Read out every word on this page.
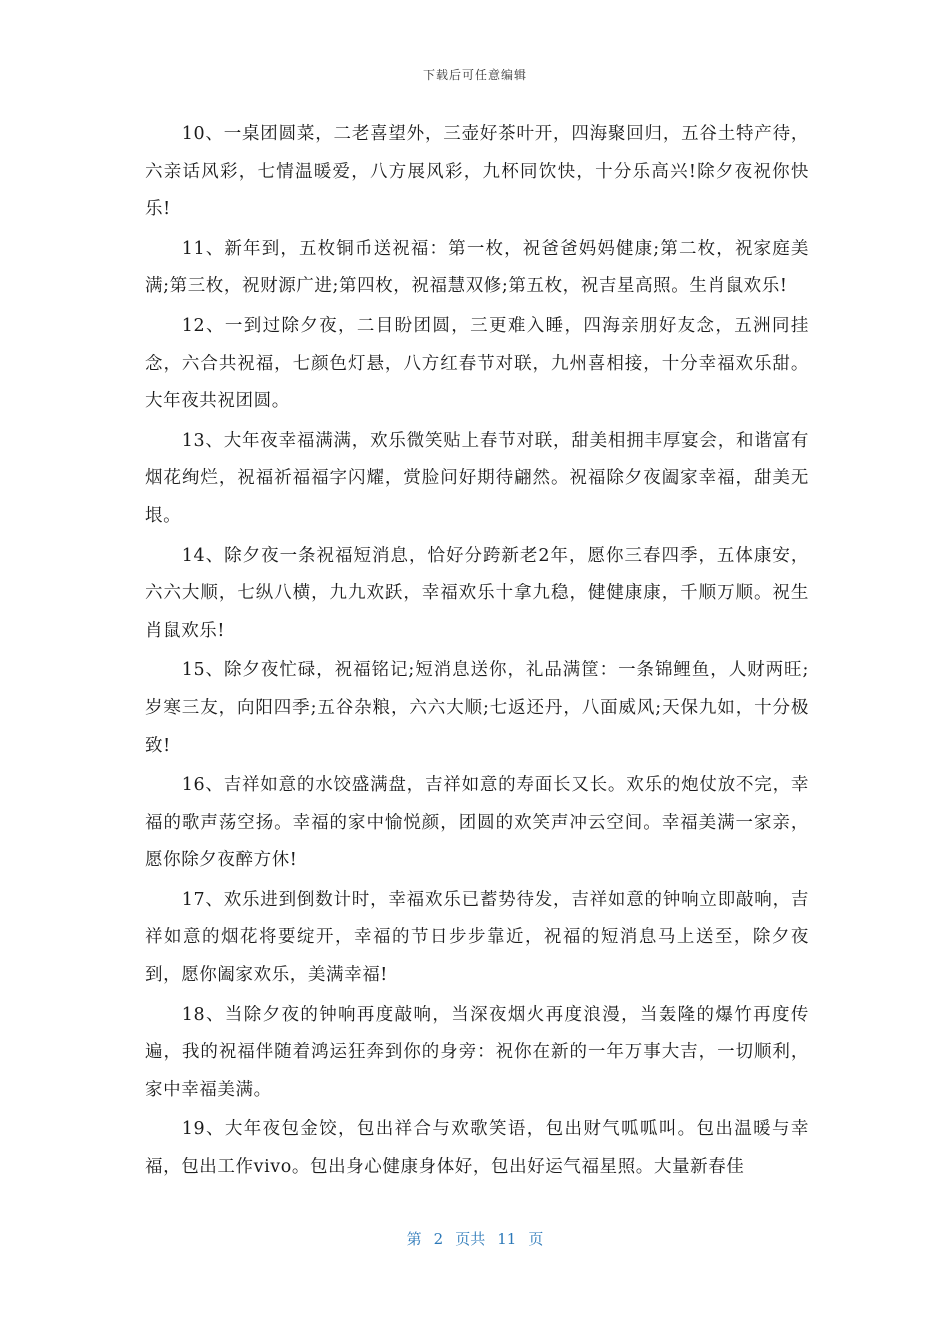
下载后可任意编辑

10、一桌团圆菜，二老喜望外，三壶好茶叶开，四海聚回归，五谷土特产待，六亲话风彩，七情温暖爱，八方展风彩，九杯同饮快，十分乐高兴!除夕夜祝你快乐!

11、新年到，五枚铜币送祝福：第一枚，祝爸爸妈妈健康;第二枚，祝家庭美满;第三枚，祝财源广进;第四枚，祝福慧双修;第五枚，祝吉星高照。生肖鼠欢乐!

12、一到过除夕夜，二目盼团圆，三更难入睡，四海亲朋好友念，五洲同挂念，六合共祝福，七颜色灯悬，八方红春节对联，九州喜相接，十分幸福欢乐甜。大年夜共祝团圆。

13、大年夜幸福满满，欢乐微笑贴上春节对联，甜美相拥丰厚宴会，和谐富有烟花绚烂，祝福祈福福字闪耀，赏脸问好期待翩然。祝福除夕夜阖家幸福，甜美无垠。

14、除夕夜一条祝福短消息，恰好分跨新老2年，愿你三春四季，五体康安，六六大顺，七纵八横，九九欢跃，幸福欢乐十拿九稳，健健康康，千顺万顺。祝生肖鼠欢乐!

15、除夕夜忙碌，祝福铭记;短消息送你，礼品满筐：一条锦鲤鱼，人财两旺;岁寒三友，向阳四季;五谷杂粮，六六大顺;七返还丹，八面威风;天保九如，十分极致!

16、吉祥如意的水饺盛满盘，吉祥如意的寿面长又长。欢乐的炮仗放不完，幸福的歌声荡空扬。幸福的家中愉悦颜，团圆的欢笑声冲云空间。幸福美满一家亲，愿你除夕夜醉方休!

17、欢乐进到倒数计时，幸福欢乐已蓄势待发，吉祥如意的钟响立即敲响，吉祥如意的烟花将要绽开，幸福的节日步步靠近，祝福的短消息马上送至，除夕夜到，愿你阖家欢乐，美满幸福!

18、当除夕夜的钟响再度敲响，当深夜烟火再度浪漫，当轰隆的爆竹再度传遍，我的祝福伴随着鸿运狂奔到你的身旁：祝你在新的一年万事大吉，一切顺利，家中幸福美满。

19、大年夜包金饺，包出祥合与欢歌笑语，包出财气呱呱叫。包出温暖与幸福，包出工作vivo。包出身心健康身体好，包出好运气福星照。大量新春佳

第 2 页共 11 页
